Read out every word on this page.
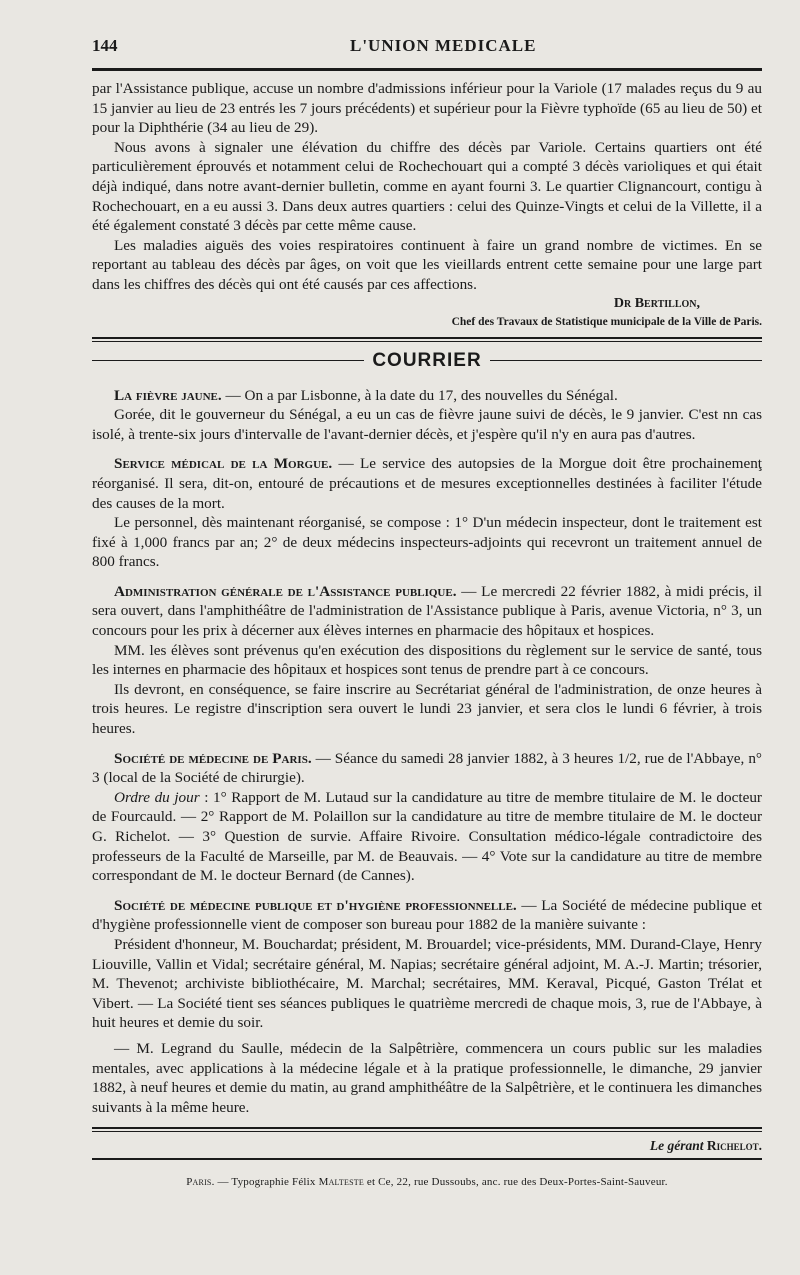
144	L'UNION MEDICALE

par l'Assistance publique, accuse un nombre d'admissions inférieur pour la Variole (17 malades reçus du 9 au 15 janvier au lieu de 23 entrés les 7 jours précédents) et supérieur pour la Fièvre typhoïde (65 au lieu de 50) et pour la Diphthérie (34 au lieu de 29).

Nous avons à signaler une élévation du chiffre des décès par Variole. Certains quartiers ont été particulièrement éprouvés et notamment celui de Rochechouart qui a compté 3 décès varioliques et qui était déjà indiqué, dans notre avant-dernier bulletin, comme en ayant fourni 3. Le quartier Clignancourt, contigu à Rochechouart, en a eu aussi 3. Dans deux autres quartiers : celui des Quinze-Vingts et celui de la Villette, il a été également constaté 3 décès par cette même cause.

Les maladies aiguës des voies respiratoires continuent à faire un grand nombre de victimes. En se reportant au tableau des décès par âges, on voit que les vieillards entrent cette semaine pour une large part dans les chiffres des décès qui ont été causés par ces affections.

Dr Bertillon,
Chef des Travaux de Statistique municipale de la Ville de Paris.
COURRIER

La fièvre jaune. — On a par Lisbonne, à la date du 17, des nouvelles du Sénégal.

Gorée, dit le gouverneur du Sénégal, a eu un cas de fièvre jaune suivi de décès, le 9 janvier. C'est nn cas isolé, à trente-six jours d'intervalle de l'avant-dernier décès, et j'espère qu'il n'y en aura pas d'autres.

Service médical de la Morgue. — Le service des autopsies de la Morgue doit être prochainemenţ réorganisé. Il sera, dit-on, entouré de précautions et de mesures exceptionnelles destinées à faciliter l'étude des causes de la mort.

Le personnel, dès maintenant réorganisé, se compose : 1° D'un médecin inspecteur, dont le traitement est fixé à 1,000 francs par an; 2° de deux médecins inspecteurs-adjoints qui recevront un traitement annuel de 800 francs.

Administration générale de l'Assistance publique. — Le mercredi 22 février 1882, à midi précis, il sera ouvert, dans l'amphithéâtre de l'administration de l'Assistance publique à Paris, avenue Victoria, n° 3, un concours pour les prix à décerner aux élèves internes en pharmacie des hôpitaux et hospices.

MM. les élèves sont prévenus qu'en exécution des dispositions du règlement sur le service de santé, tous les internes en pharmacie des hôpitaux et hospices sont tenus de prendre part à ce concours.

Ils devront, en conséquence, se faire inscrire au Secrétariat général de l'administration, de onze heures à trois heures. Le registre d'inscription sera ouvert le lundi 23 janvier, et sera clos le lundi 6 février, à trois heures.

Société de médecine de Paris. — Séance du samedi 28 janvier 1882, à 3 heures 1/2, rue de l'Abbaye, n° 3 (local de la Société de chirurgie).

Ordre du jour : 1° Rapport de M. Lutaud sur la candidature au titre de membre titulaire de M. le docteur de Fourcauld. — 2° Rapport de M. Polaillon sur la candidature au titre de membre titulaire de M. le docteur G. Richelot. — 3° Question de survie. Affaire Rivoire. Consultation médico-légale contradictoire des professeurs de la Faculté de Marseille, par M. de Beauvais. — 4° Vote sur la candidature au titre de membre correspondant de M. le docteur Bernard (de Cannes).

Société de médecine publique et d'hygiène professionnelle. — La Société de médecine publique et d'hygiène professionnelle vient de composer son bureau pour 1882 de la manière suivante :

Président d'honneur, M. Bouchardat; président, M. Brouardel; vice-présidents, MM. Durand-Claye, Henry Liouville, Vallin et Vidal; secrétaire général, M. Napias; secrétaire général adjoint, M. A.-J. Martin; trésorier, M. Thevenot; archiviste bibliothécaire, M. Marchal; secrétaires, MM. Keraval, Picqué, Gaston Trélat et Vibert. — La Société tient ses séances publiques le quatrième mercredi de chaque mois, 3, rue de l'Abbaye, à huit heures et demie du soir.

— M. Legrand du Saulle, médecin de la Salpêtrière, commencera un cours public sur les maladies mentales, avec applications à la médecine légale et à la pratique professionnelle, le dimanche, 29 janvier 1882, à neuf heures et demie du matin, au grand amphithéâtre de la Salpêtrière, et le continuera les dimanches suivants à la même heure.

Le gérant Richelot.
Paris. — Typographie Félix Malteste et Ce, 22, rue Dussoubs, anc. rue des Deux-Portes-Saint-Sauveur.
